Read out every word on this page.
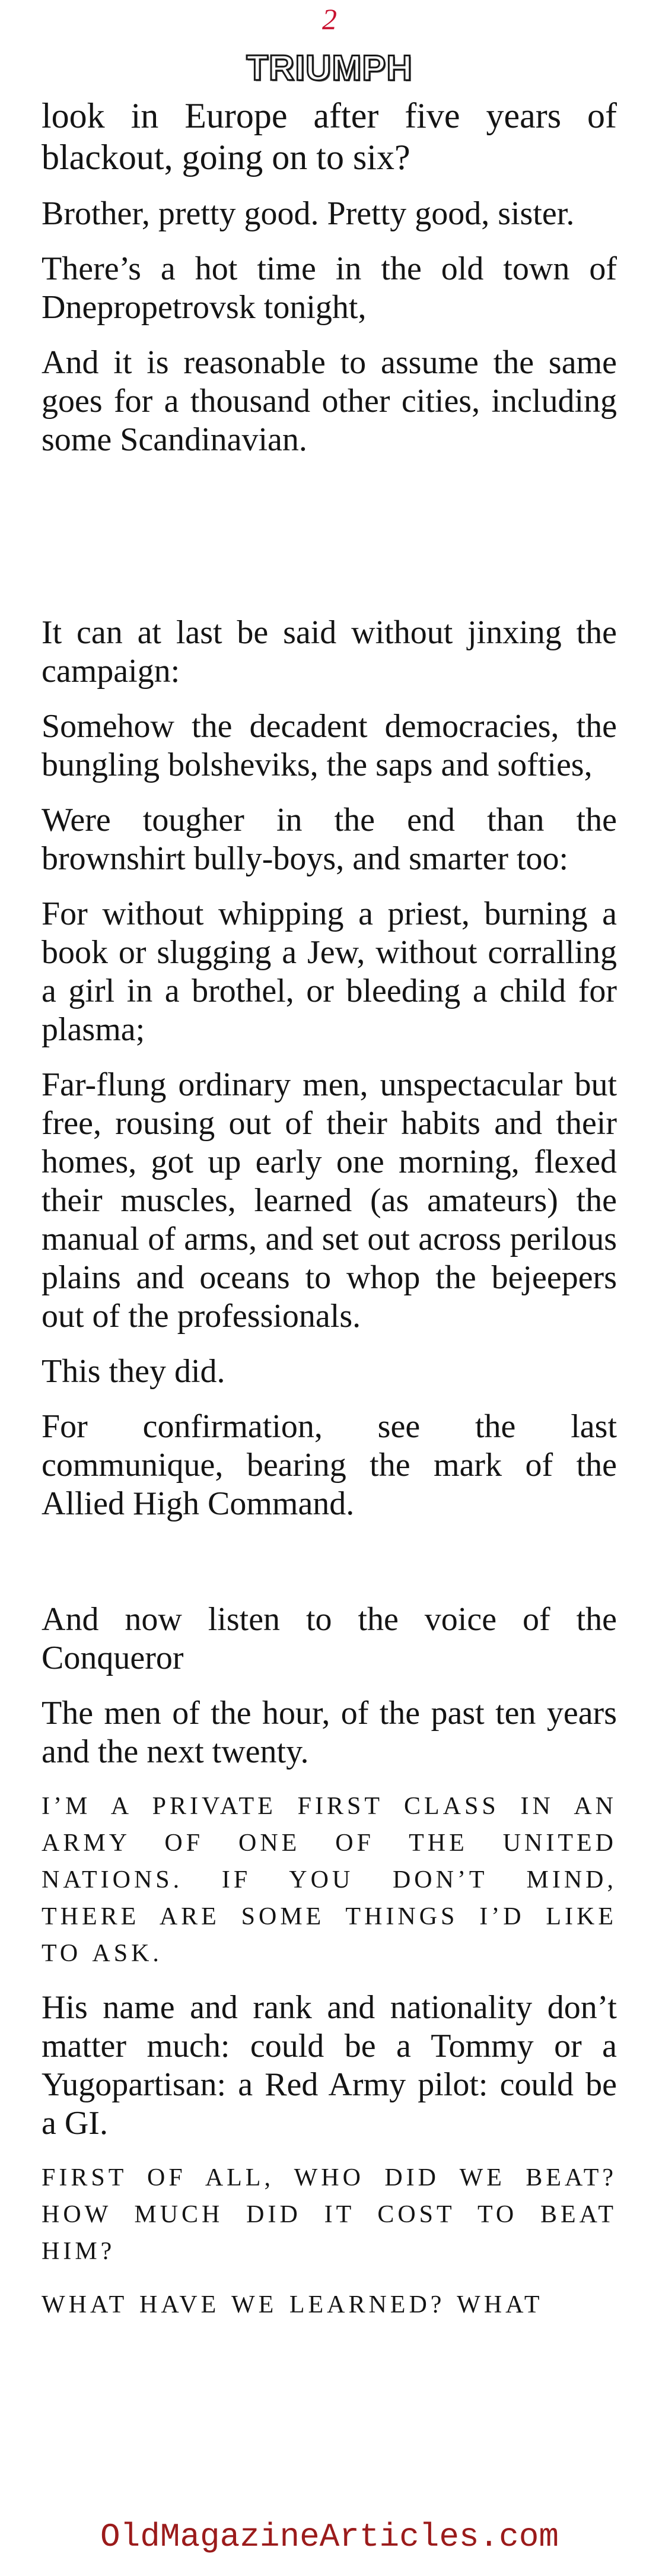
2
TRIUMPH

look in Europe after five years of blackout, going on to six?

Brother, pretty good. Pretty good, sister.

There’s a hot time in the old town of Dnepropetrovsk tonight,

And it is reasonable to assume the same goes for a thousand other cities, including some Scandinavian.

It can at last be said without jinxing the campaign:

Somehow the decadent democracies, the bungling bolsheviks, the saps and softies,

Were tougher in the end than the brownshirt bully-boys, and smarter too:

For without whipping a priest, burning a book or slugging a Jew, without corralling a girl in a brothel, or bleeding a child for plasma;

Far-flung ordinary men, unspectacular but free, rousing out of their habits and their homes, got up early one morning, flexed their muscles, learned (as amateurs) the manual of arms, and set out across perilous plains and oceans to whop the bejeepers out of the professionals.

This they did.

For confirmation, see the last communique, bearing the mark of the Allied High Command.

And now listen to the voice of the Conqueror

The men of the hour, of the past ten years and the next twenty.

I’M A PRIVATE FIRST CLASS IN AN ARMY OF ONE OF THE UNITED NATIONS. IF YOU DON’T MIND, THERE ARE SOME THINGS I’D LIKE TO ASK.

His name and rank and nationality don’t matter much: could be a Tommy or a Yugopartisan: a Red Army pilot: could be a GI.

FIRST OF ALL, WHO DID WE BEAT? HOW MUCH DID IT COST TO BEAT HIM?

WHAT HAVE WE LEARNED? WHAT

OldMagazineArticles.com
